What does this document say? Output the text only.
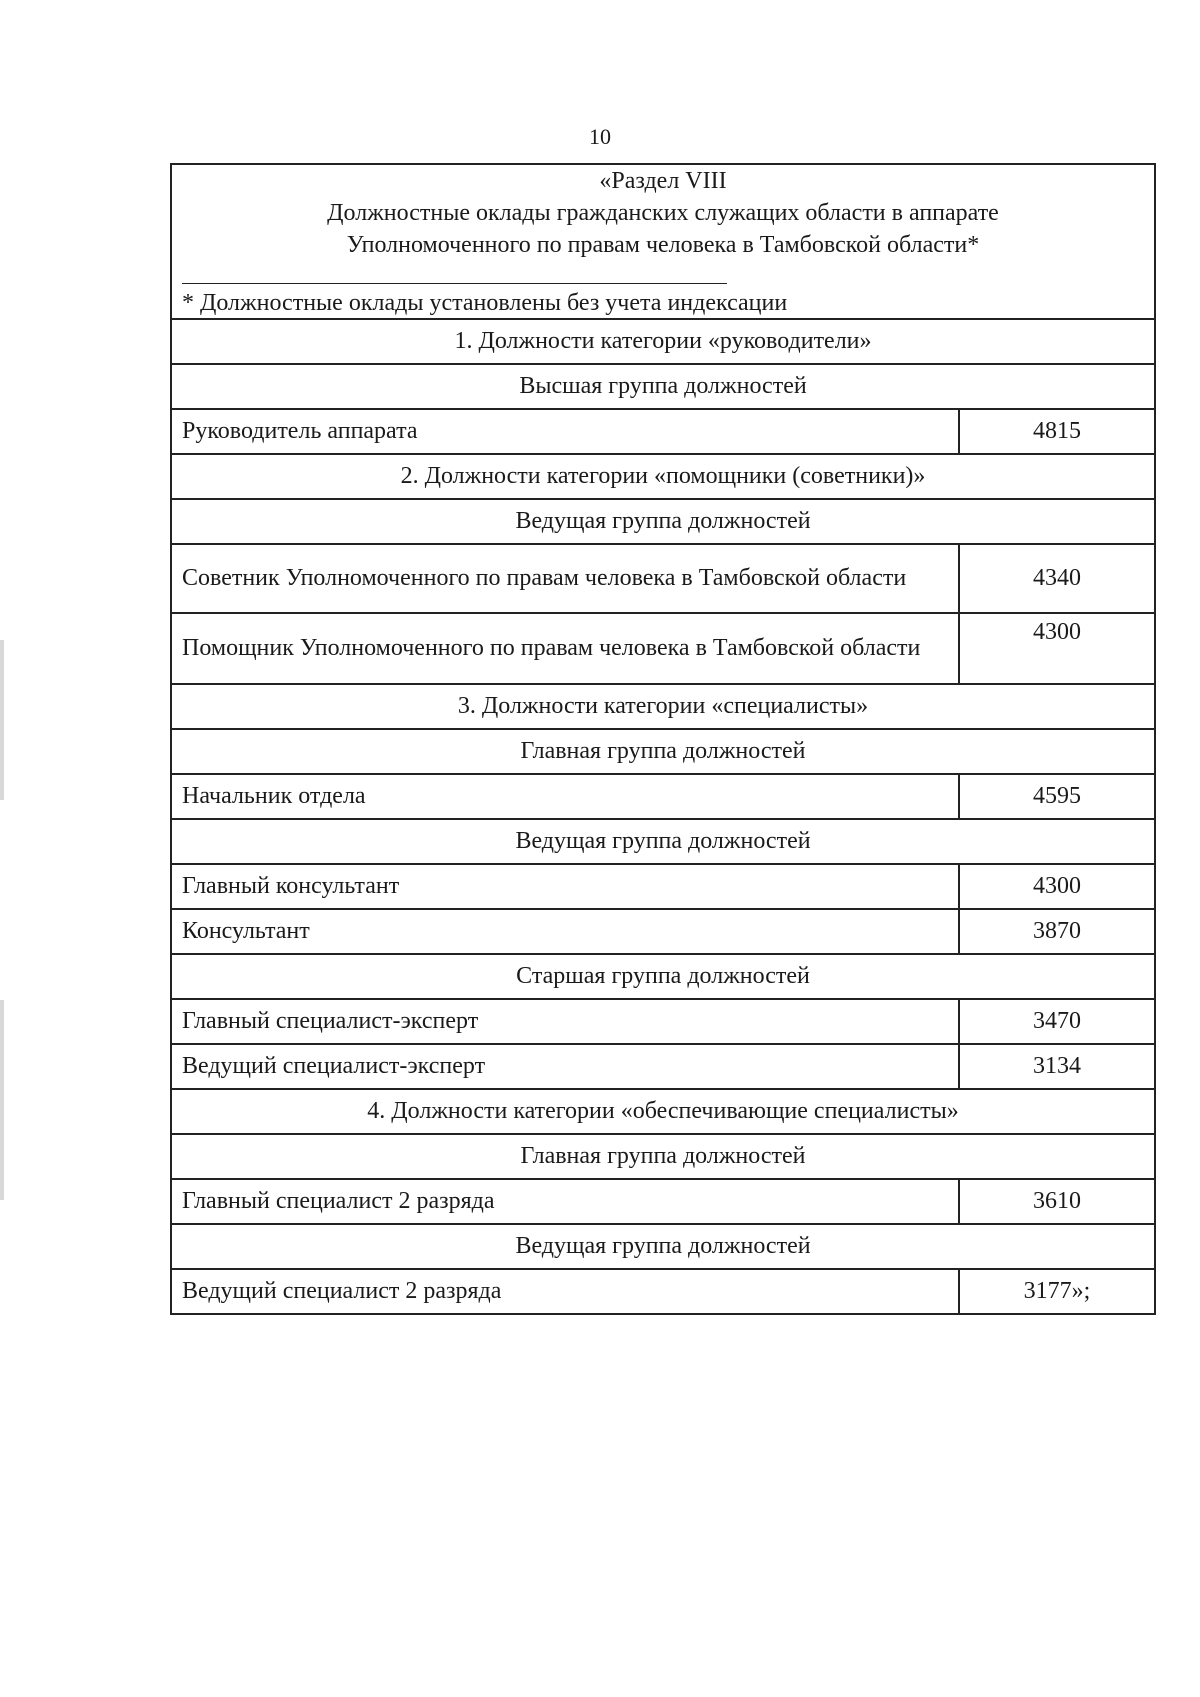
10
«Раздел VIII
Должностные оклады гражданских служащих области в аппарате
Уполномоченного по правам человека в Тамбовской области*
* Должностные оклады установлены без учета индексации	

1. Должности категории «руководители»	
Высшая группа должностей	
Руководитель аппарата	4815
2. Должности категории «помощники (советники)»	
Ведущая группа должностей	
Советник Уполномоченного по правам человека в Тамбовской области	4340
Помощник Уполномоченного по правам человека в Тамбовской области	4300
3. Должности категории «специалисты»	
Главная группа должностей	
Начальник отдела	4595
Ведущая группа должностей	
Главный консультант	4300
Консультант	3870
Старшая группа должностей	
Главный специалист-эксперт	3470
Ведущий специалист-эксперт	3134
4. Должности категории «обеспечивающие специалисты»	
Главная группа должностей	
Главный специалист 2 разряда	3610
Ведущая группа должностей	
Ведущий специалист 2 разряда	3177»;
